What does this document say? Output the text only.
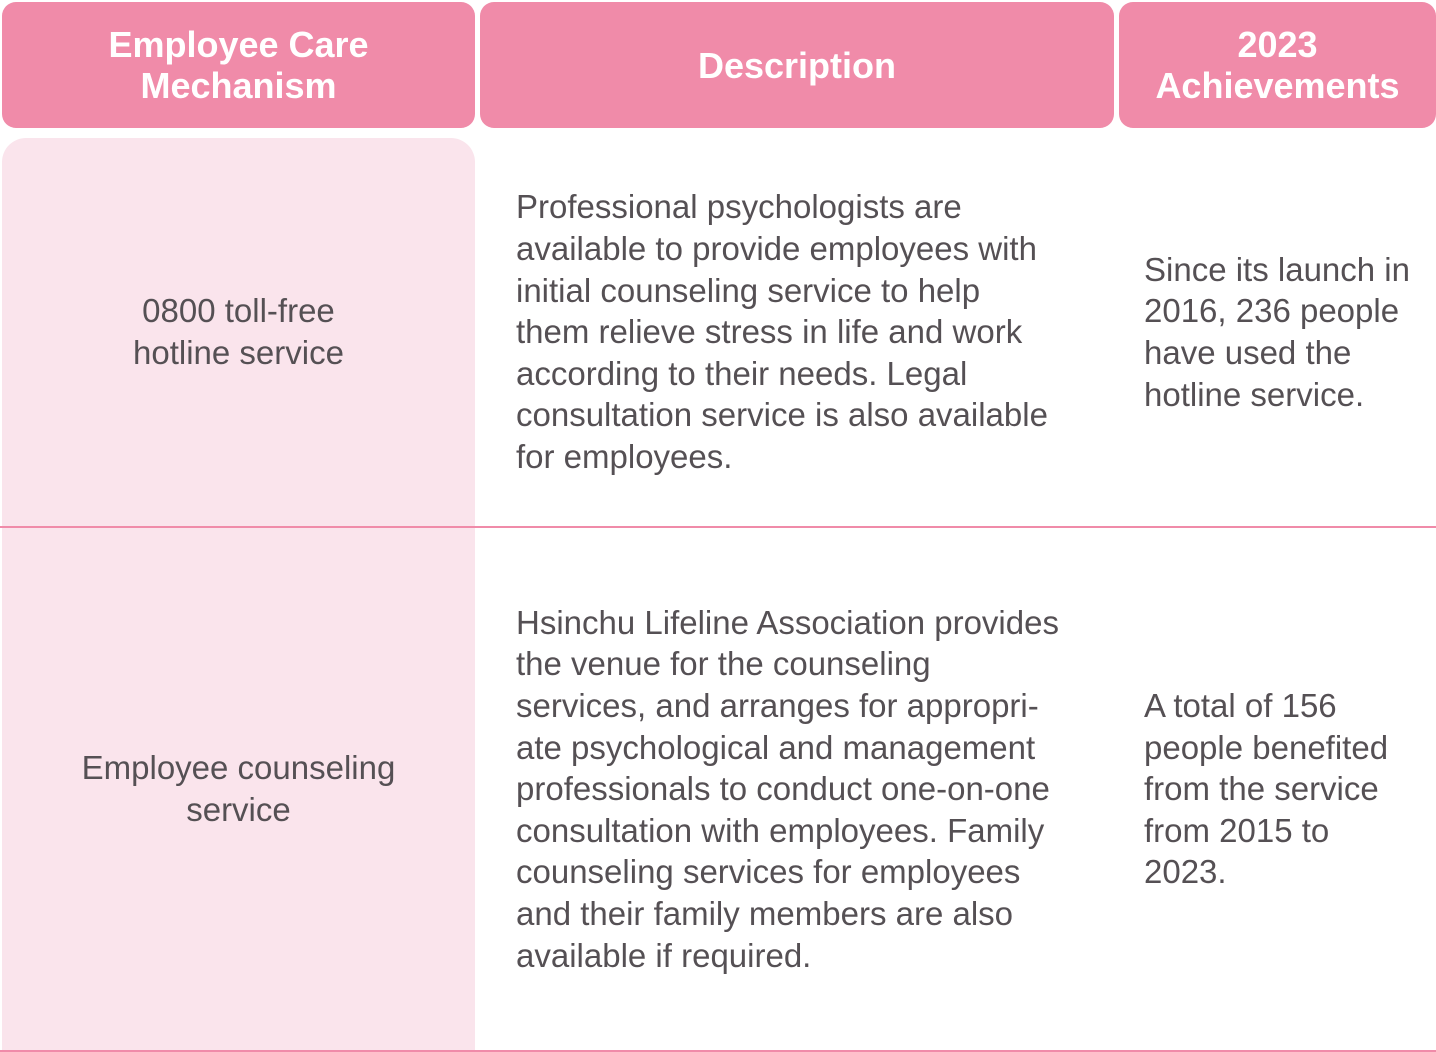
Employee Care
Mechanism	Description	2023
Achievements
0800 toll-free
hotline service
Professional psychologists are
available to provide employees with
initial counseling service to help
them relieve stress in life and work
according to their needs. Legal
consultation service is also available
for employees.
Since its launch in
2016, 236 people
have used the
hotline service.
Employee counseling
service
Hsinchu Lifeline Association provides
the venue for the counseling
services, and arranges for appropri-
ate psychological and management
professionals to conduct one-on-one
consultation with employees. Family
counseling services for employees
and their family members are also
available if required.
A total of 156
people benefited
from the service
from 2015 to
2023.
